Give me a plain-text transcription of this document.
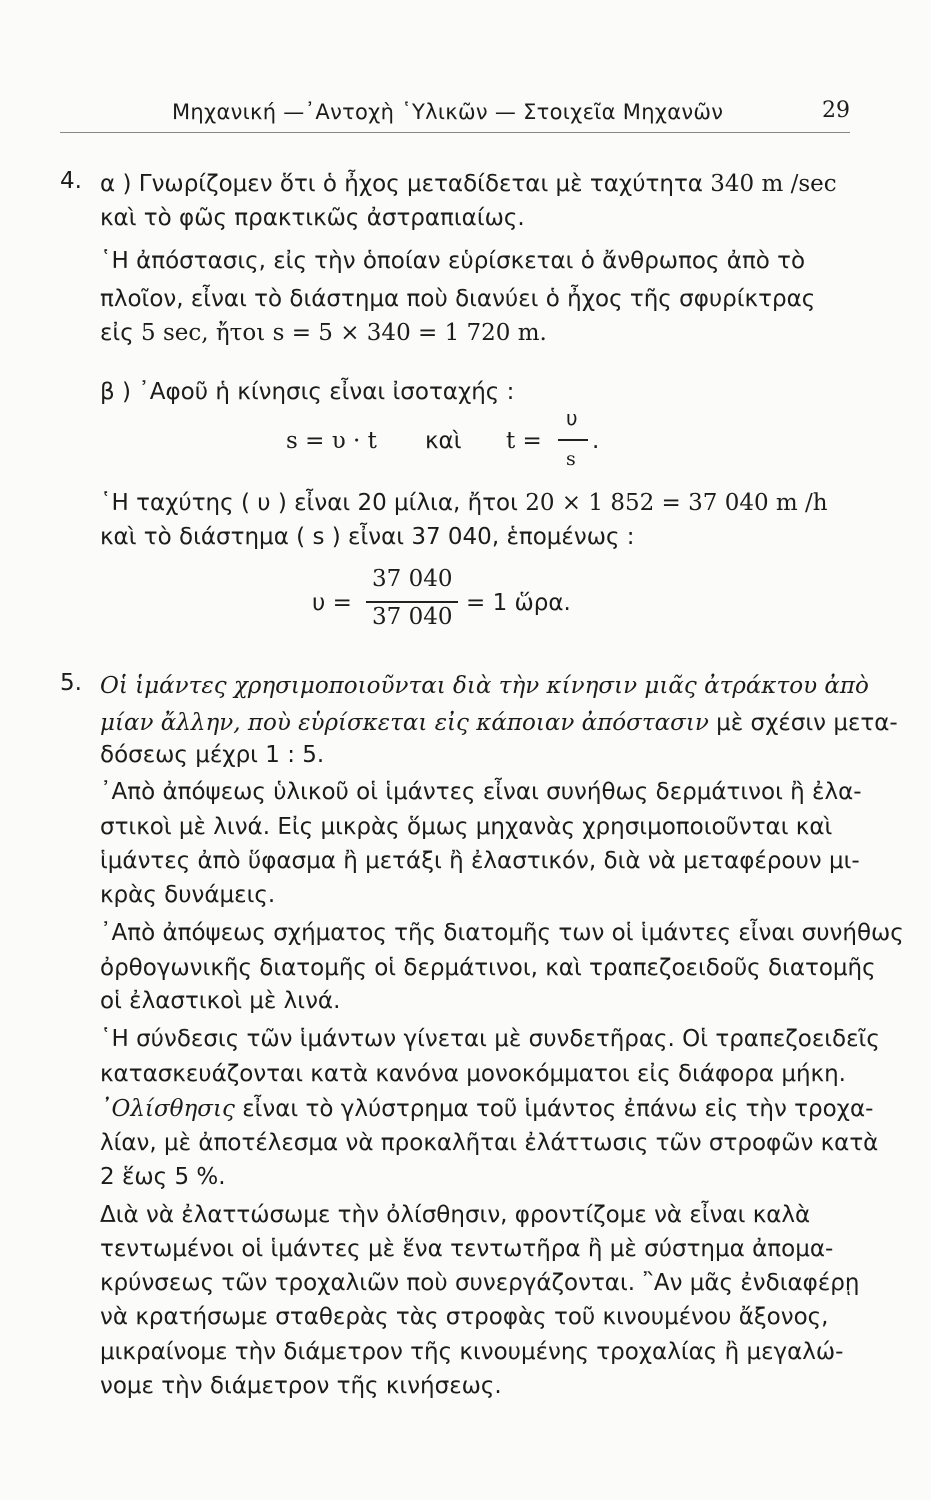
Μηχανική —᾿Αντοχὴ ῾Υλικῶν — Στοιχεῖα Μηχανῶν	29
4. α ) Γνωρίζομεν ὅτι ὁ ἦχος μεταδίδεται μὲ ταχύτητα 340 m /sec
καὶ τὸ φῶς πρακτικῶς ἀστραπιαίως.
῾Η ἀπόστασις, εἰς τὴν ὁποίαν εὑρίσκεται ὁ ἄνθρωπος ἀπὸ τὸ
πλοῖον, εἶναι τὸ διάστημα ποὺ διανύει ὁ ἦχος τῆς σφυρίκτρας
εἰς 5 sec, ἤτοι s = 5 × 340 = 1 720 m.
β ) ᾿Αφοῦ ἡ κίνησις εἶναι ἰσοταχής :
s = υ · t καὶ t =
υ
s
.
῾Η ταχύτης ( υ ) εἶναι 20 μίλια, ἤτοι 20 × 1 852 = 37 040 m /h
καὶ τὸ διάστημα ( s ) εἶναι 37 040, ἑπομένως :
υ =
37 040
37 040
= 1 ὥρα.
5. Οἱ ἱμάντες χρησιμοποιοῦνται διὰ τὴν κίνησιν μιᾶς ἀτράκτου ἀπὸ
μίαν ἄλλην, ποὺ εὑρίσκεται εἰς κάποιαν ἀπόστασιν μὲ σχέσιν μετα-
δόσεως μέχρι 1 : 5.
᾿Απὸ ἀπόψεως ὑλικοῦ οἱ ἱμάντες εἶναι συνήθως δερμάτινοι ἢ ἐλα-
στικοὶ μὲ λινά. Εἰς μικρὰς ὅμως μηχανὰς χρησιμοποιοῦνται καὶ
ἱμάντες ἀπὸ ὕφασμα ἢ μετάξι ἢ ἐλαστικόν, διὰ νὰ μεταφέρουν μι-
κρὰς δυνάμεις.
᾿Απὸ ἀπόψεως σχήματος τῆς διατομῆς των οἱ ἱμάντες εἶναι συνήθως
ὀρθογωνικῆς διατομῆς οἱ δερμάτινοι, καὶ τραπεζοειδοῦς διατομῆς
οἱ ἐλαστικοὶ μὲ λινά.
῾Η σύνδεσις τῶν ἱμάντων γίνεται μὲ συνδετῆρας. Οἱ τραπεζοειδεῖς
κατασκευάζονται κατὰ κανόνα μονοκόμματοι εἰς διάφορα μήκη.
᾿Ολίσθησις εἶναι τὸ γλύστρημα τοῦ ἱμάντος ἐπάνω εἰς τὴν τροχα-
λίαν, μὲ ἀποτέλεσμα νὰ προκαλῆται ἐλάττωσις τῶν στροφῶν κατὰ
2 ἕως 5 %.
Διὰ νὰ ἐλαττώσωμε τὴν ὀλίσθησιν, φροντίζομε νὰ εἶναι καλὰ
τεντωμένοι οἱ ἱμάντες μὲ ἕνα τεντωτῆρα ἢ μὲ σύστημα ἀπομα-
κρύνσεως τῶν τροχαλιῶν ποὺ συνεργάζονται. ῍Αν μᾶς ἐνδιαφέρῃ
νὰ κρατήσωμε σταθερὰς τὰς στροφὰς τοῦ κινουμένου ἄξονος,
μικραίνομε τὴν διάμετρον τῆς κινουμένης τροχαλίας ἢ μεγαλώ-
νομε τὴν διάμετρον τῆς κινήσεως.
